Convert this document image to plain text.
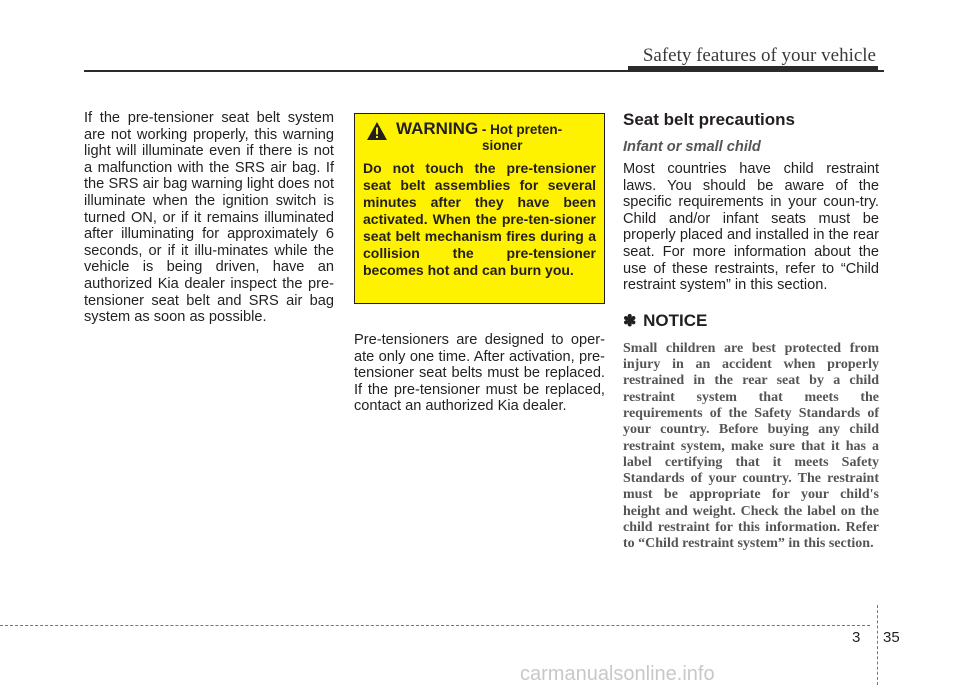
Safety features of your vehicle

If the pre-tensioner seat belt system are not working properly, this warning light will illuminate even if there is not a malfunction with the SRS air bag. If the SRS air bag warning light does not illuminate when the ignition switch is turned ON, or if it remains illuminated after illuminating for approximately 6 seconds, or if it illu-minates while the vehicle is being driven, have an authorized Kia dealer inspect the pre-tensioner seat belt and SRS air bag system as soon as possible.

WARNING - Hot preten-
sioner

Do not touch the pre-tensioner seat belt assemblies for several minutes after they have been activated. When the pre-ten-sioner seat belt mechanism fires during a collision the pre-tensioner becomes hot and can burn you.

Pre-tensioners are designed to oper-ate only one time. After activation, pre-tensioner seat belts must be replaced. If the pre-tensioner must be replaced, contact an authorized Kia dealer.

Seat belt precautions
Infant or small child

Most countries have child restraint laws. You should be aware of the specific requirements in your coun-try. Child and/or infant seats must be properly placed and installed in the rear seat. For more information about the use of these restraints, refer to “Child restraint system” in this section.

✽ NOTICE

Small children are best protected from injury in an accident when properly restrained in the rear seat by a child restraint system that meets the requirements of the Safety Standards of your country. Before buying any child restraint system, make sure that it has a label certifying that it meets Safety Standards of your country. The restraint must be appropriate for your child's height and weight. Check the label on the child restraint for this information. Refer to “Child restraint system” in this section.

3 35
carmanualsonline.info
